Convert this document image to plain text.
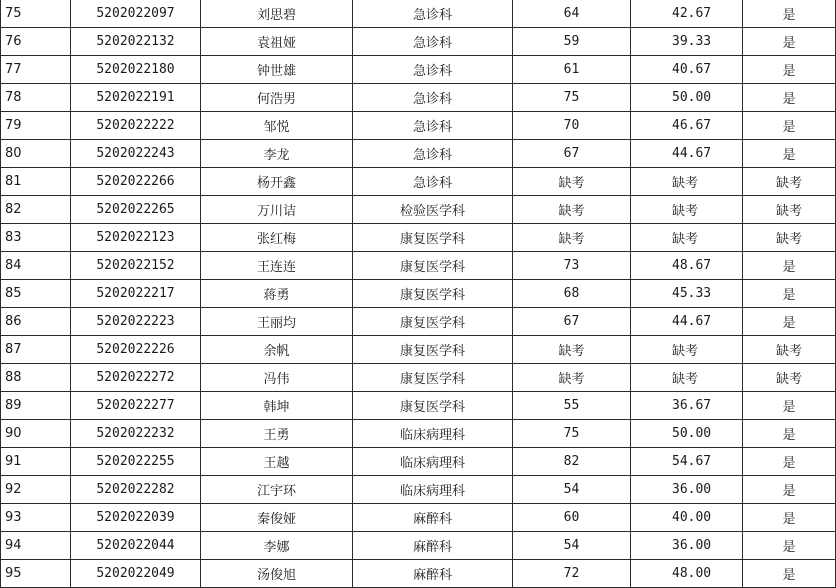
75	5202022097	刘思碧	急诊科	64	42.67	是
76	5202022132	袁祖娅	急诊科	59	39.33	是
77	5202022180	钟世雄	急诊科	61	40.67	是
78	5202022191	何浩男	急诊科	75	50.00	是
79	5202022222	邹悦	急诊科	70	46.67	是
80	5202022243	李龙	急诊科	67	44.67	是
81	5202022266	杨开鑫	急诊科	缺考	缺考	缺考
82	5202022265	万川诘	检验医学科	缺考	缺考	缺考
83	5202022123	张红梅	康复医学科	缺考	缺考	缺考
84	5202022152	王连连	康复医学科	73	48.67	是
85	5202022217	蒋勇	康复医学科	68	45.33	是
86	5202022223	王丽均	康复医学科	67	44.67	是
87	5202022226	余帆	康复医学科	缺考	缺考	缺考
88	5202022272	冯伟	康复医学科	缺考	缺考	缺考
89	5202022277	韩坤	康复医学科	55	36.67	是
90	5202022232	王勇	临床病理科	75	50.00	是
91	5202022255	王越	临床病理科	82	54.67	是
92	5202022282	江宇环	临床病理科	54	36.00	是
93	5202022039	秦俊娅	麻醉科	60	40.00	是
94	5202022044	李娜	麻醉科	54	36.00	是
95	5202022049	汤俊旭	麻醉科	72	48.00	是
